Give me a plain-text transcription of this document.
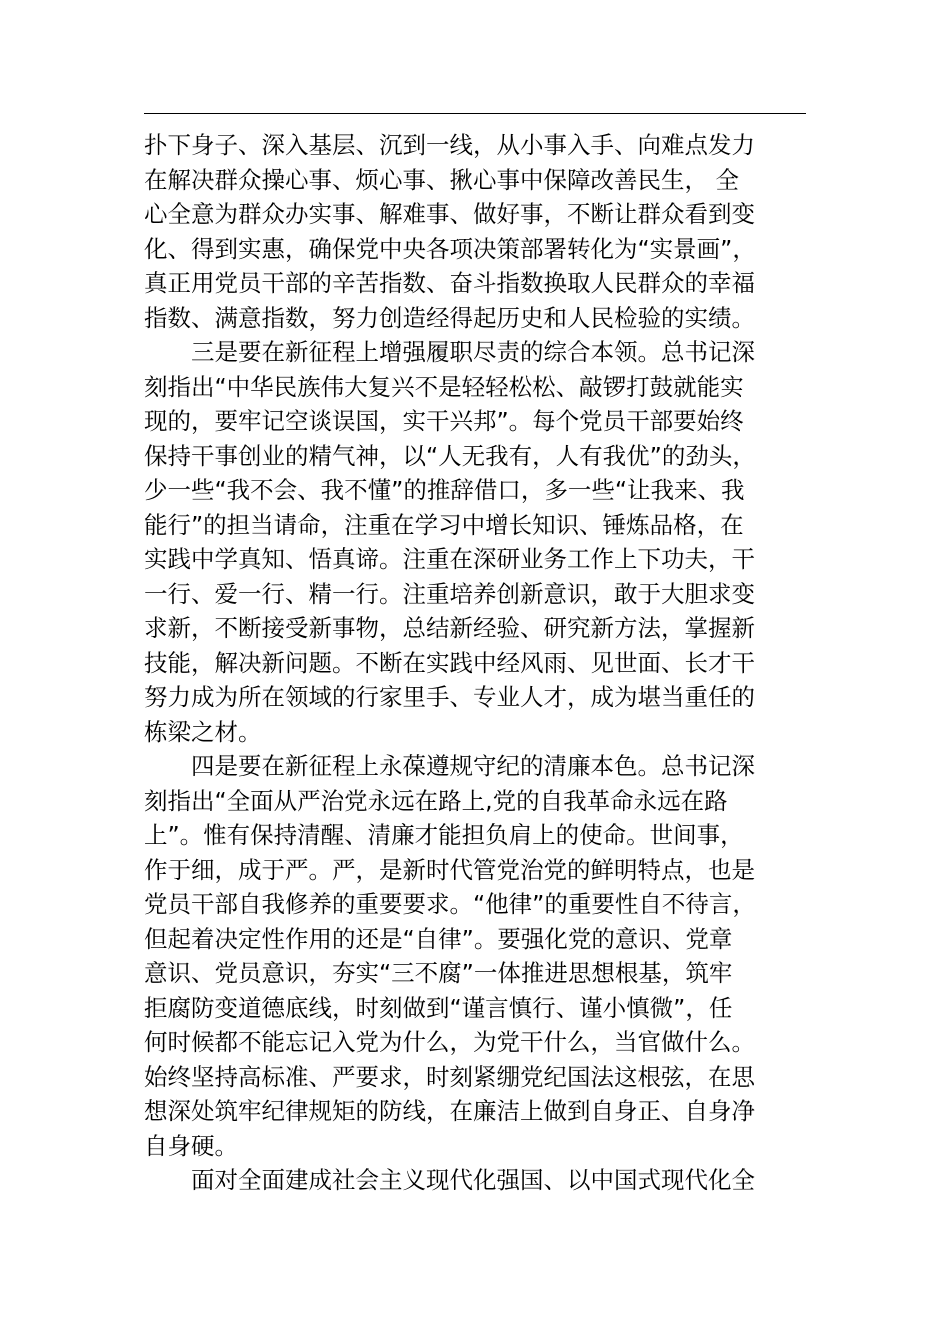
扑下身子、深入基层、沉到一线，从小事入手、向难点发力
在解决群众操心事、烦心事、揪心事中保障改善民生， 全
心全意为群众办实事、解难事、做好事，不断让群众看到变
化、得到实惠，确保党中央各项决策部署转化为“实景画”，
真正用党员干部的辛苦指数、奋斗指数换取人民群众的幸福
指数、满意指数，努力创造经得起历史和人民检验的实绩。
三是要在新征程上增强履职尽责的综合本领。总书记深
刻指出“中华民族伟大复兴不是轻轻松松、敲锣打鼓就能实
现的，要牢记空谈误国，实干兴邦”。每个党员干部要始终
保持干事创业的精气神，以“人无我有，人有我优”的劲头，
少一些“我不会、我不懂”的推辞借口，多一些“让我来、我
能行”的担当请命，注重在学习中增长知识、锤炼品格，在
实践中学真知、悟真谛。注重在深研业务工作上下功夫，干
一行、爱一行、精一行。注重培养创新意识，敢于大胆求变
求新，不断接受新事物，总结新经验、研究新方法，掌握新
技能，解决新问题。不断在实践中经风雨、见世面、长才干
努力成为所在领域的行家里手、专业人才，成为堪当重任的
栋梁之材。
四是要在新征程上永葆遵规守纪的清廉本色。总书记深
刻指出“全面从严治党永远在路上,党的自我革命永远在路
上”。惟有保持清醒、清廉才能担负肩上的使命。世间事，
作于细，成于严。严，是新时代管党治党的鲜明特点，也是
党员干部自我修养的重要要求。“他律”的重要性自不待言，
但起着决定性作用的还是“自律”。要强化党的意识、党章
意识、党员意识，夯实“三不腐”一体推进思想根基，筑牢
拒腐防变道德底线，时刻做到“谨言慎行、谨小慎微”，任
何时候都不能忘记入党为什么，为党干什么，当官做什么。
始终坚持高标准、严要求，时刻紧绷党纪国法这根弦，在思
想深处筑牢纪律规矩的防线，在廉洁上做到自身正、自身净
自身硬。
面对全面建成社会主义现代化强国、以中国式现代化全
